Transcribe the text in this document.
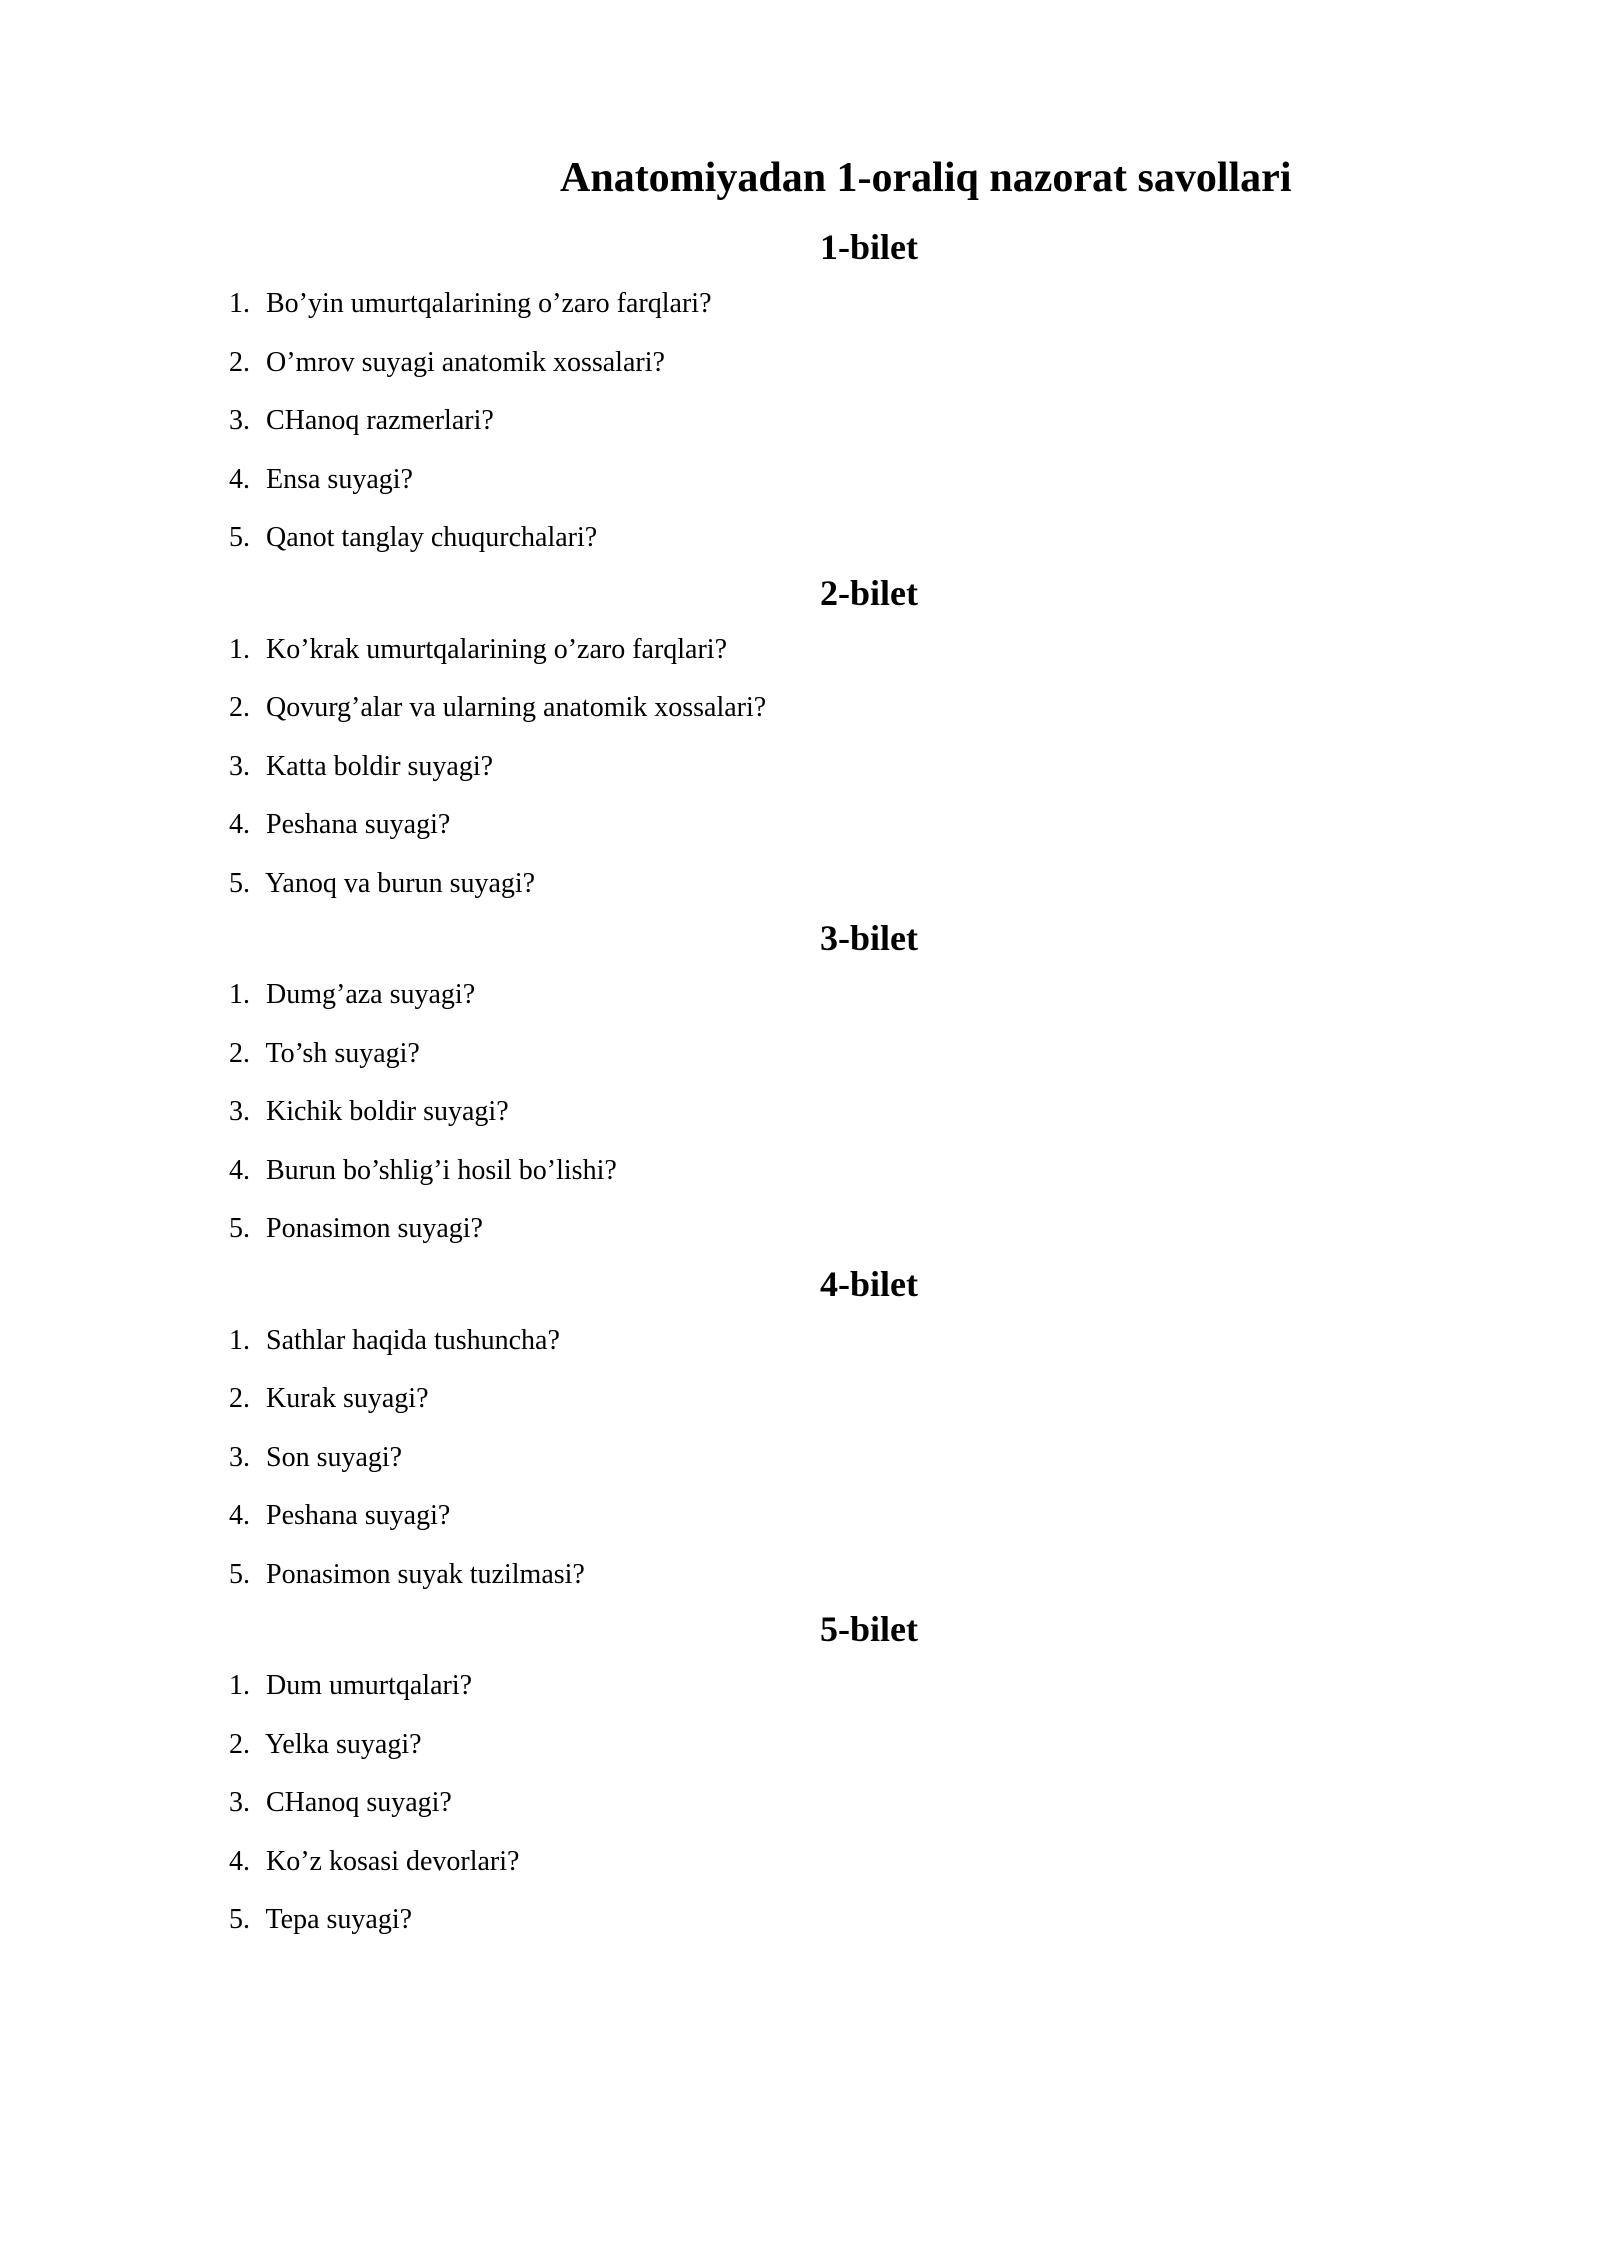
Anatomiyadan 1-oraliq nazorat savollari
1-bilet
1. Bo’yin umurtqalarining o’zaro farqlari?
2. O’mrov suyagi anatomik xossalari?
3. CHanoq razmerlari?
4. Ensa suyagi?
5. Qanot tanglay chuqurchalari?
2-bilet
1. Ko’krak umurtqalarining o’zaro farqlari?
2. Qovurg’alar va ularning anatomik xossalari?
3. Katta boldir suyagi?
4. Peshana suyagi?
5. Yanoq va burun suyagi?
3-bilet
1. Dumg’aza suyagi?
2. To’sh suyagi?
3. Kichik boldir suyagi?
4. Burun bo’shlig’i hosil bo’lishi?
5. Ponasimon suyagi?
4-bilet
1. Sathlar haqida tushuncha?
2. Kurak suyagi?
3. Son suyagi?
4. Peshana suyagi?
5. Ponasimon suyak tuzilmasi?
5-bilet
1. Dum umurtqalari?
2. Yelka suyagi?
3. CHanoq suyagi?
4. Ko’z kosasi devorlari?
5. Tepa suyagi?
